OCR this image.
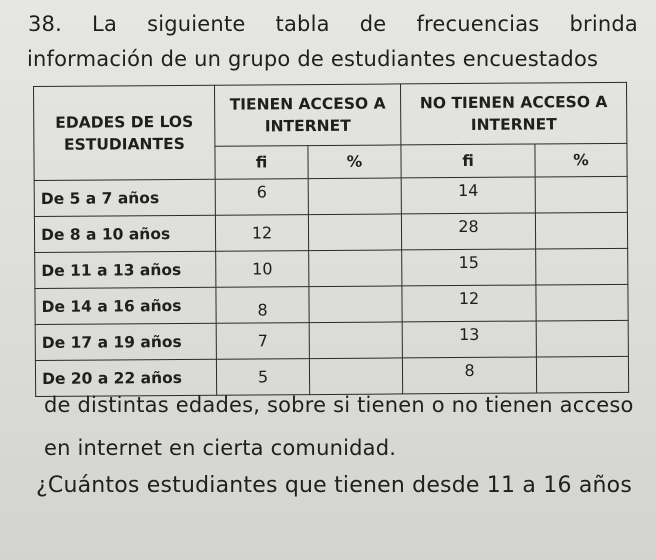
38. La siguiente tabla de frecuencias brinda
información de un grupo de estudiantes encuestados
EDADES DE LOS ESTUDIANTES	TIENEN ACCESO A INTERNET		NO TIENEN ACCESO A INTERNET	
	fi	%	fi	%
De 5 a 7 años	6		14	
De 8 a 10 años	12		28	
De 11 a 13 años	10		15	
De 14 a 16 años	8		12	
De 17 a 19 años	7		13	
De 20 a 22 años	5		8	
de distintas edades, sobre si tienen o no tienen acceso
en internet en cierta comunidad.
¿Cuántos estudiantes que tienen desde 11 a 16 años
